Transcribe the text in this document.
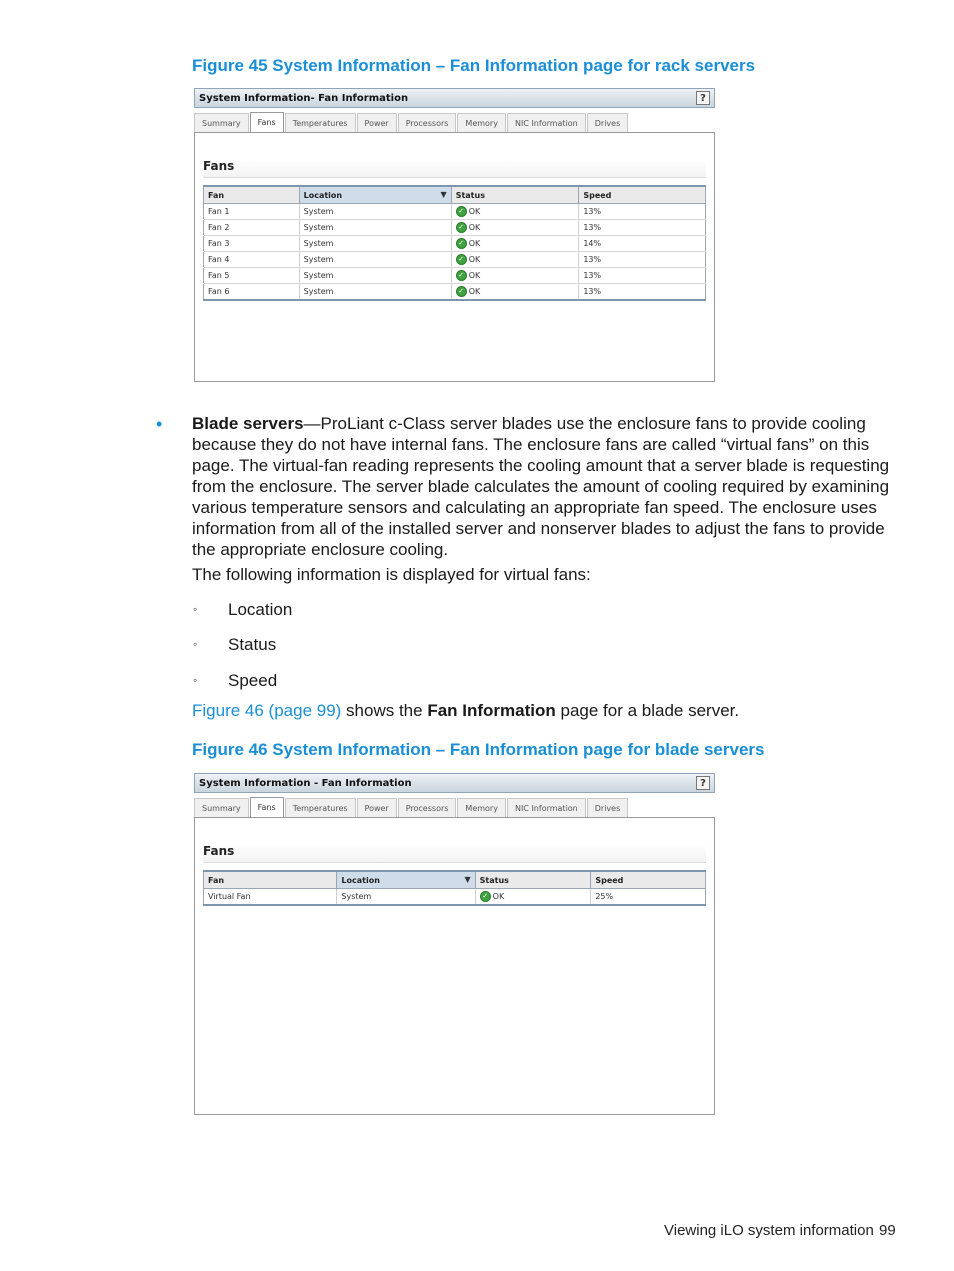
Figure 45 System Information – Fan Information page for rack servers
System Information- Fan Information	?
Summary	Fans	Temperatures	Power	Processors	Memory	NIC Information	Drives
Fans
Fan	Location ▼	Status	Speed
Fan 1	System	✓ OK	13%
Fan 2	System	✓ OK	13%
Fan 3	System	✓ OK	14%
Fan 4	System	✓ OK	13%
Fan 5	System	✓ OK	13%
Fan 6	System	✓ OK	13%
• Blade servers—ProLiant c-Class server blades use the enclosure fans to provide cooling because they do not have internal fans. The enclosure fans are called “virtual fans” on this page. The virtual-fan reading represents the cooling amount that a server blade is requesting from the enclosure. The server blade calculates the amount of cooling required by examining various temperature sensors and calculating an appropriate fan speed. The enclosure uses information from all of the installed server and nonserver blades to adjust the fans to provide the appropriate enclosure cooling.
The following information is displayed for virtual fans:
◦ Location
◦ Status
◦ Speed
Figure 46 (page 99) shows the Fan Information page for a blade server.
Figure 46 System Information – Fan Information page for blade servers
System Information - Fan Information	?
Summary	Fans	Temperatures	Power	Processors	Memory	NIC Information	Drives
Fans
Fan	Location ▼	Status	Speed
Virtual Fan	System	✓ OK	25%
Viewing iLO system information 99
